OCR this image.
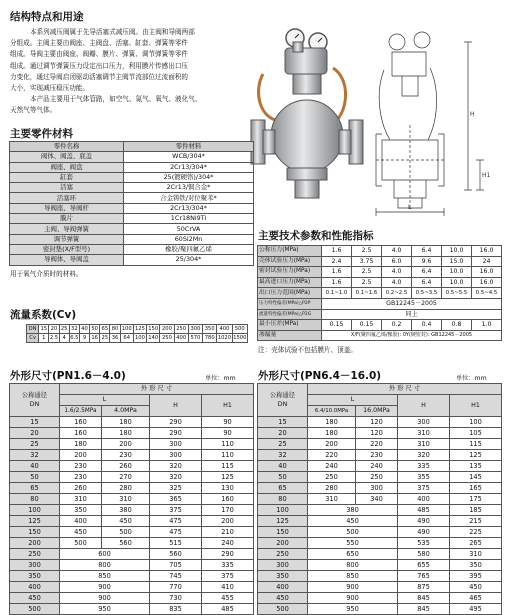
结构特点和用途
本系列减压阀属于先导活塞式减压阀。由主阀和导阀两部
分组成。主阀主要由阀座、主阀盘、活塞、缸套、弹簧等零件
组成。导阀主要由阀座、阀瓣、膜片、弹簧、调节弹簧等零件
组成。通过调节弹簧压力设定出口压力，利用膜片传感出口压
力变化，通过导阀启闭驱动活塞调节主阀节流部位过流面积的
大小，实现减压稳压功能。
本产品主要用于气体管路，如空气、氮气、氧气、液化气、
天然气等气体。
H
H1
L
主要零件材料
零件名称	零件材料
阀体、阀盖、底盖	WCB/304*
阀座、阀盘	2Cr13/304*
缸套	25(镀硬铬)/304*
活塞	2Cr13/铜合金*
活塞环	合金铸铁/对位聚苯*
导阀座、导阀杆	2Cr13/304*
膜片	1Cr18Ni9Ti
主阀、导阀弹簧	50CrVA
调节弹簧	60Si2Mn
密封垫(X/F型号)	橡胶/聚四氟乙烯
导阀体、导阀盖	25/304*
用于氧气介质时的材料。
流量系数(Cv)
DN	15	20	25	32	40	50	65	80	100	125	150	200	250	300	350	400	500
Cv	1	2.5	4	6.5	9	16	25	36	64	100	140	250	400	570	780	1020	1500
主要技术参数和性能指标
公称压力(MPa)	1.6	2.5	4.0	6.4	10.0	16.0
壳体试验压力(MPa)	2.4	3.75	6.0	9.6	15.0	24
密封试验压力(MPa)	1.6	2.5	4.0	6.4	10.0	16.0
最高进口压力(MPa)	1.6	2.5	4.0	6.4	10.0	16.0
出口压力范围(MPa)	0.1~1.0	0.1~1.6	0.2~2.5	0.5~3.5	0.5~5.5	0.5~4.5
压力特性偏差(MPa)△P2P	GB12245－2005					
流量特性偏差(MPa)△P2G	同上					
最小压差(MPa)	0.15	0.15	0.2	0.4	0.8	1.0
渗漏量	X/F(聚四氟乙烯/橡胶): 0Y(硬密封): GB12245－2005					
注：壳体试验不包括膜片、顶盖。
外形尺寸(PN1.6－4.0)	单位：mm
公称通径
DN	外 形 尺 寸			
	L		H	H1
	1.6/2.5MPa	4.0MPa		
15	160	180	290	90
20	160	180	290	90
25	180	200	300	110
32	200	230	300	110
40	230	260	320	115
50	230	270	320	125
65	260	280	325	130
80	310	310	365	160
100	350	380	375	170
125	400	450	475	200
150	450	500	475	210
200	500	560	515	240
250	600		560	290
300	800		705	335
350	850		745	375
400	900		770	410
450	900		730	455
500	950		835	485
外形尺寸(PN6.4－16.0)	单位：mm
公称通径
DN	外 形 尺 寸			
	L		H	H1
	6.4/10.0MPa	16.0MPa		
15	180	120	300	100
20	180	120	310	105
25	200	220	310	115
32	220	230	320	125
40	240	240	335	135
50	250	250	355	145
65	280	300	375	165
80	310	340	400	175
100	380		485	185
125	450		490	215
150	500		490	225
200	550		535	265
250	650		580	310
300	800		655	350
350	850		765	395
400	900		875	450
450	900		845	465
500	950		845	495
